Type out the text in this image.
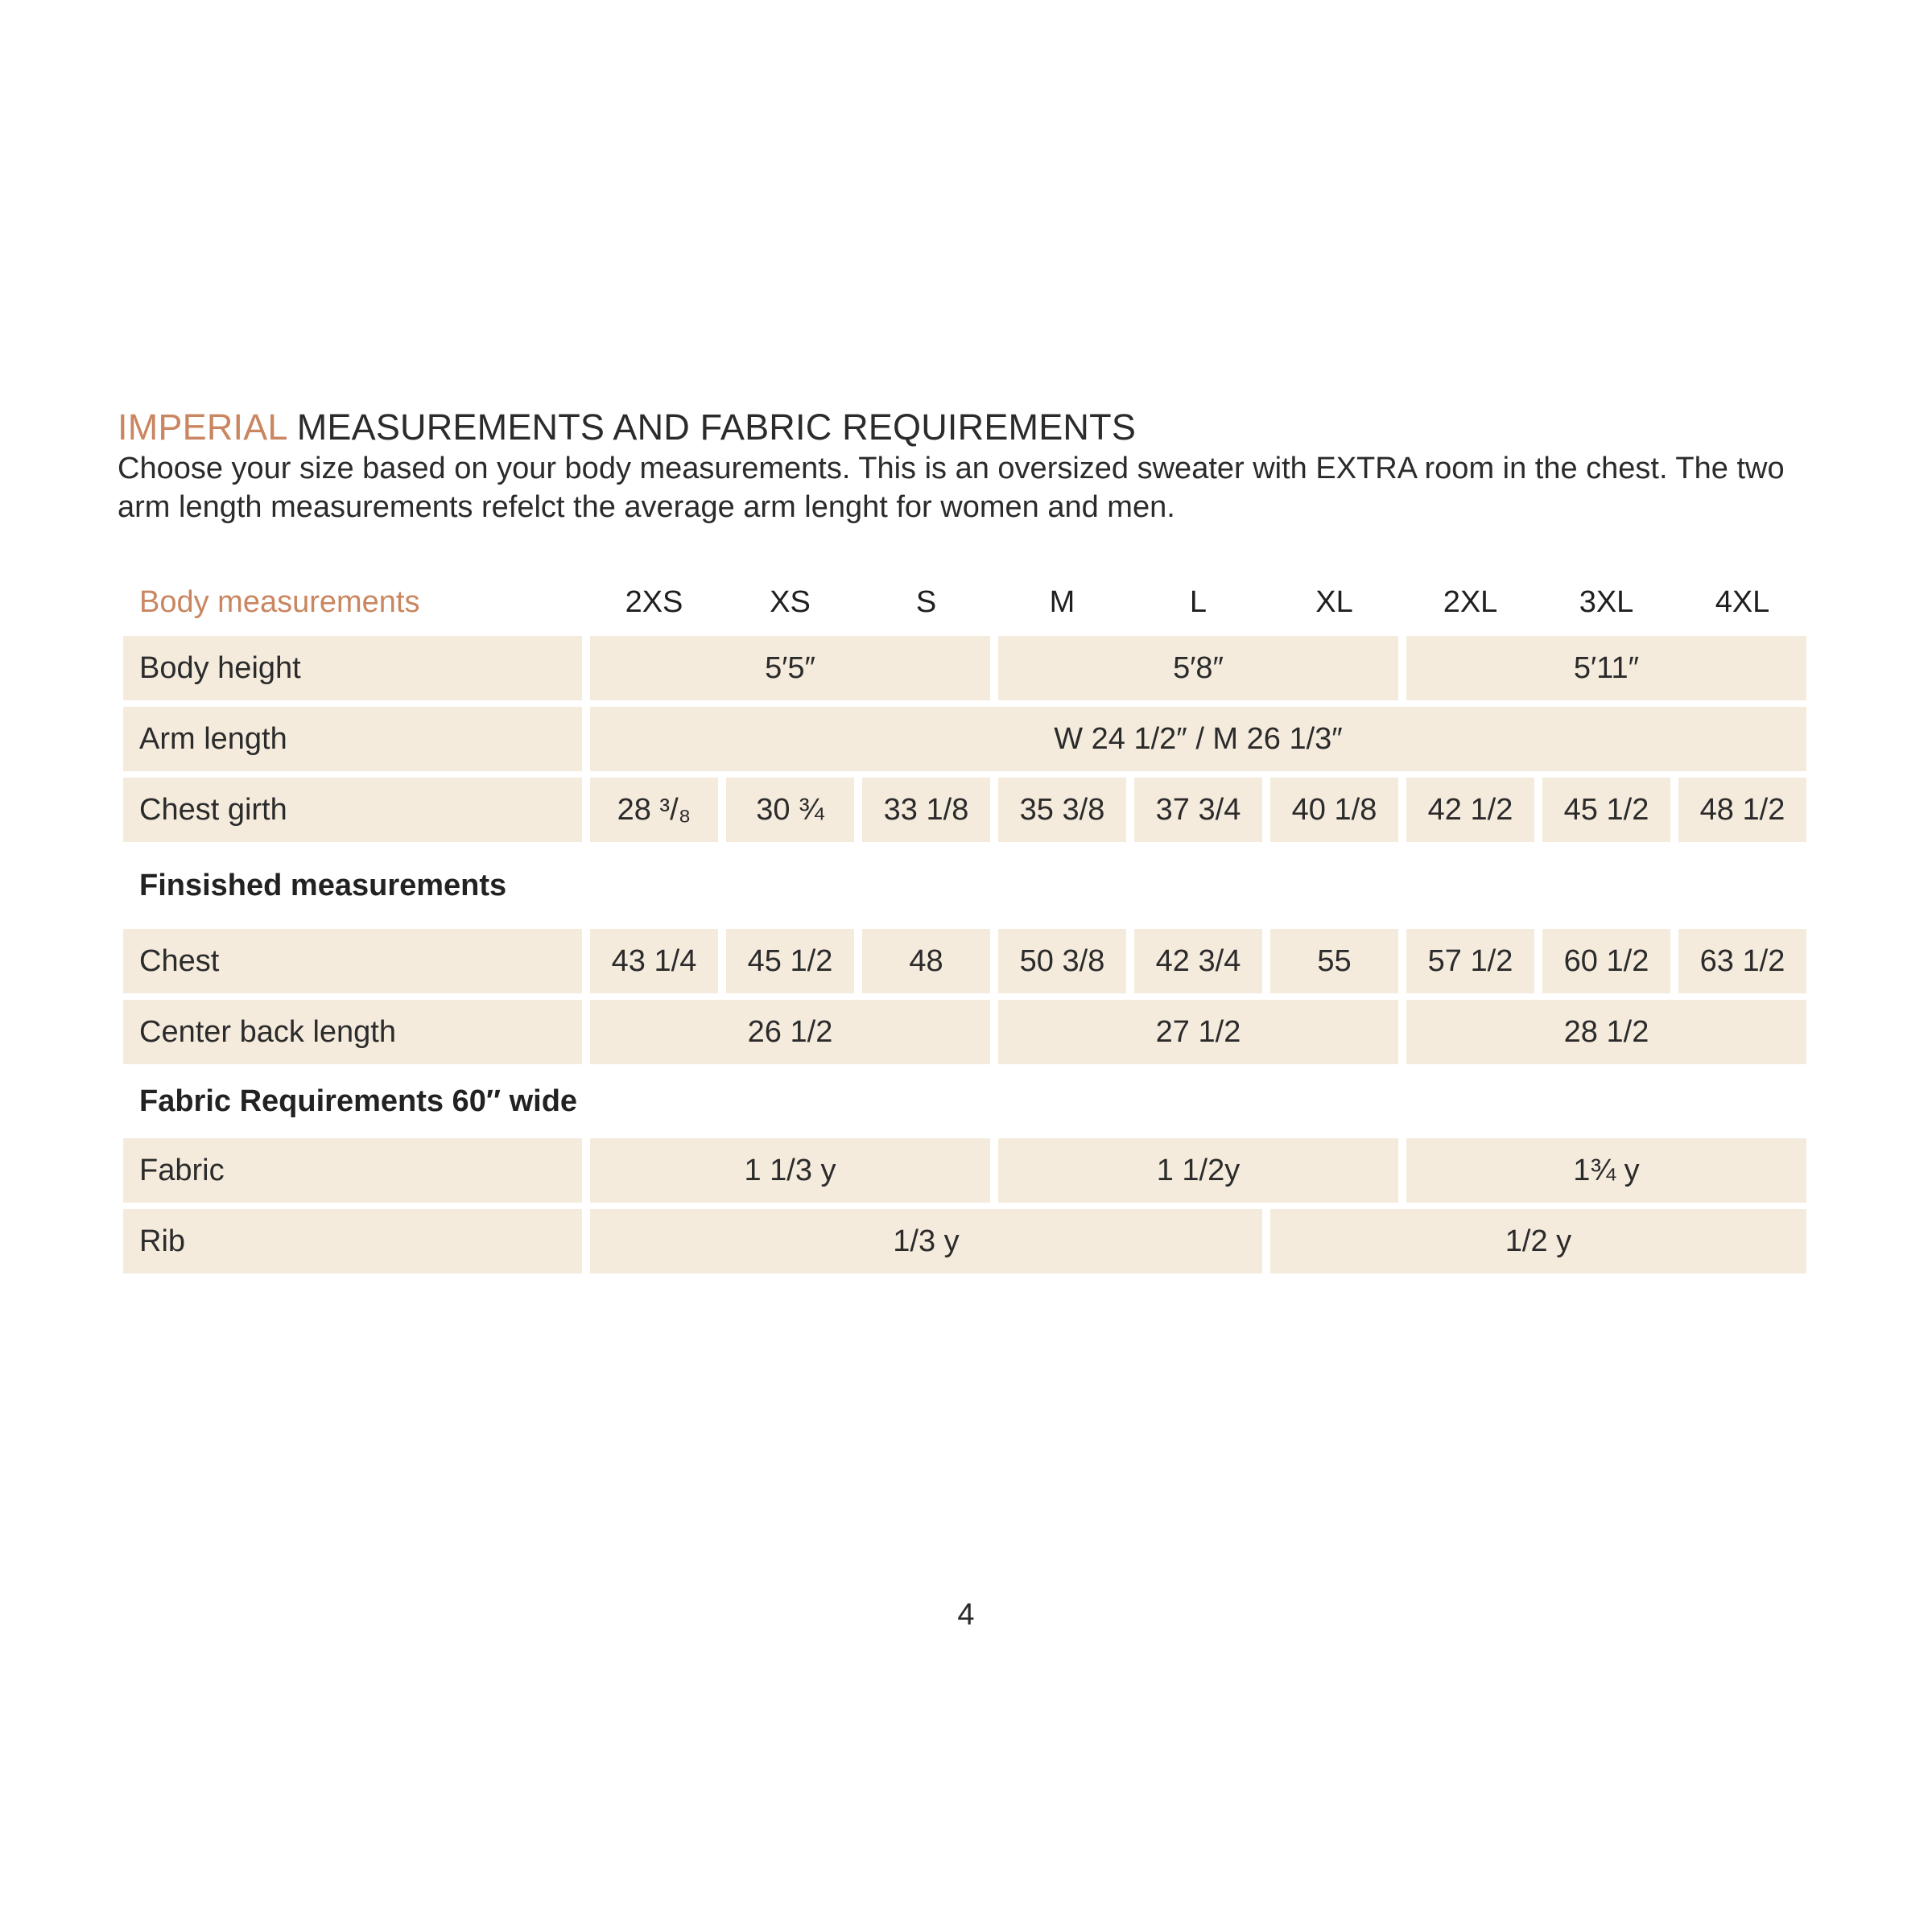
IMPERIAL MEASUREMENTS AND FABRIC REQUIREMENTS
Choose your size based on your body measurements. This is an oversized sweater with EXTRA room in the chest. The two
arm length measurements refelct the average arm lenght for women and men.
Body measurements	2XS	XS	S	M	L	XL	2XL	3XL	4XL
Body height	5′5″	5′8″	5′11″
Arm length	W 24 1/2″ / M 26 1/3″
Chest girth	28 ³/₈	30 ¾	33 1/8	35 3/8	37 3/4	40 1/8	42 1/2	45 1/2	48 1/2
Finsished measurements
Chest	43 1/4	45 1/2	48	50 3/8	42 3/4	55	57 1/2	60 1/2	63 1/2
Center back length	26 1/2	27 1/2	28 1/2
Fabric Requirements 60″ wide
Fabric	1 1/3 y	1 1/2y	1¾ y
Rib	1/3 y	1/2 y
4
